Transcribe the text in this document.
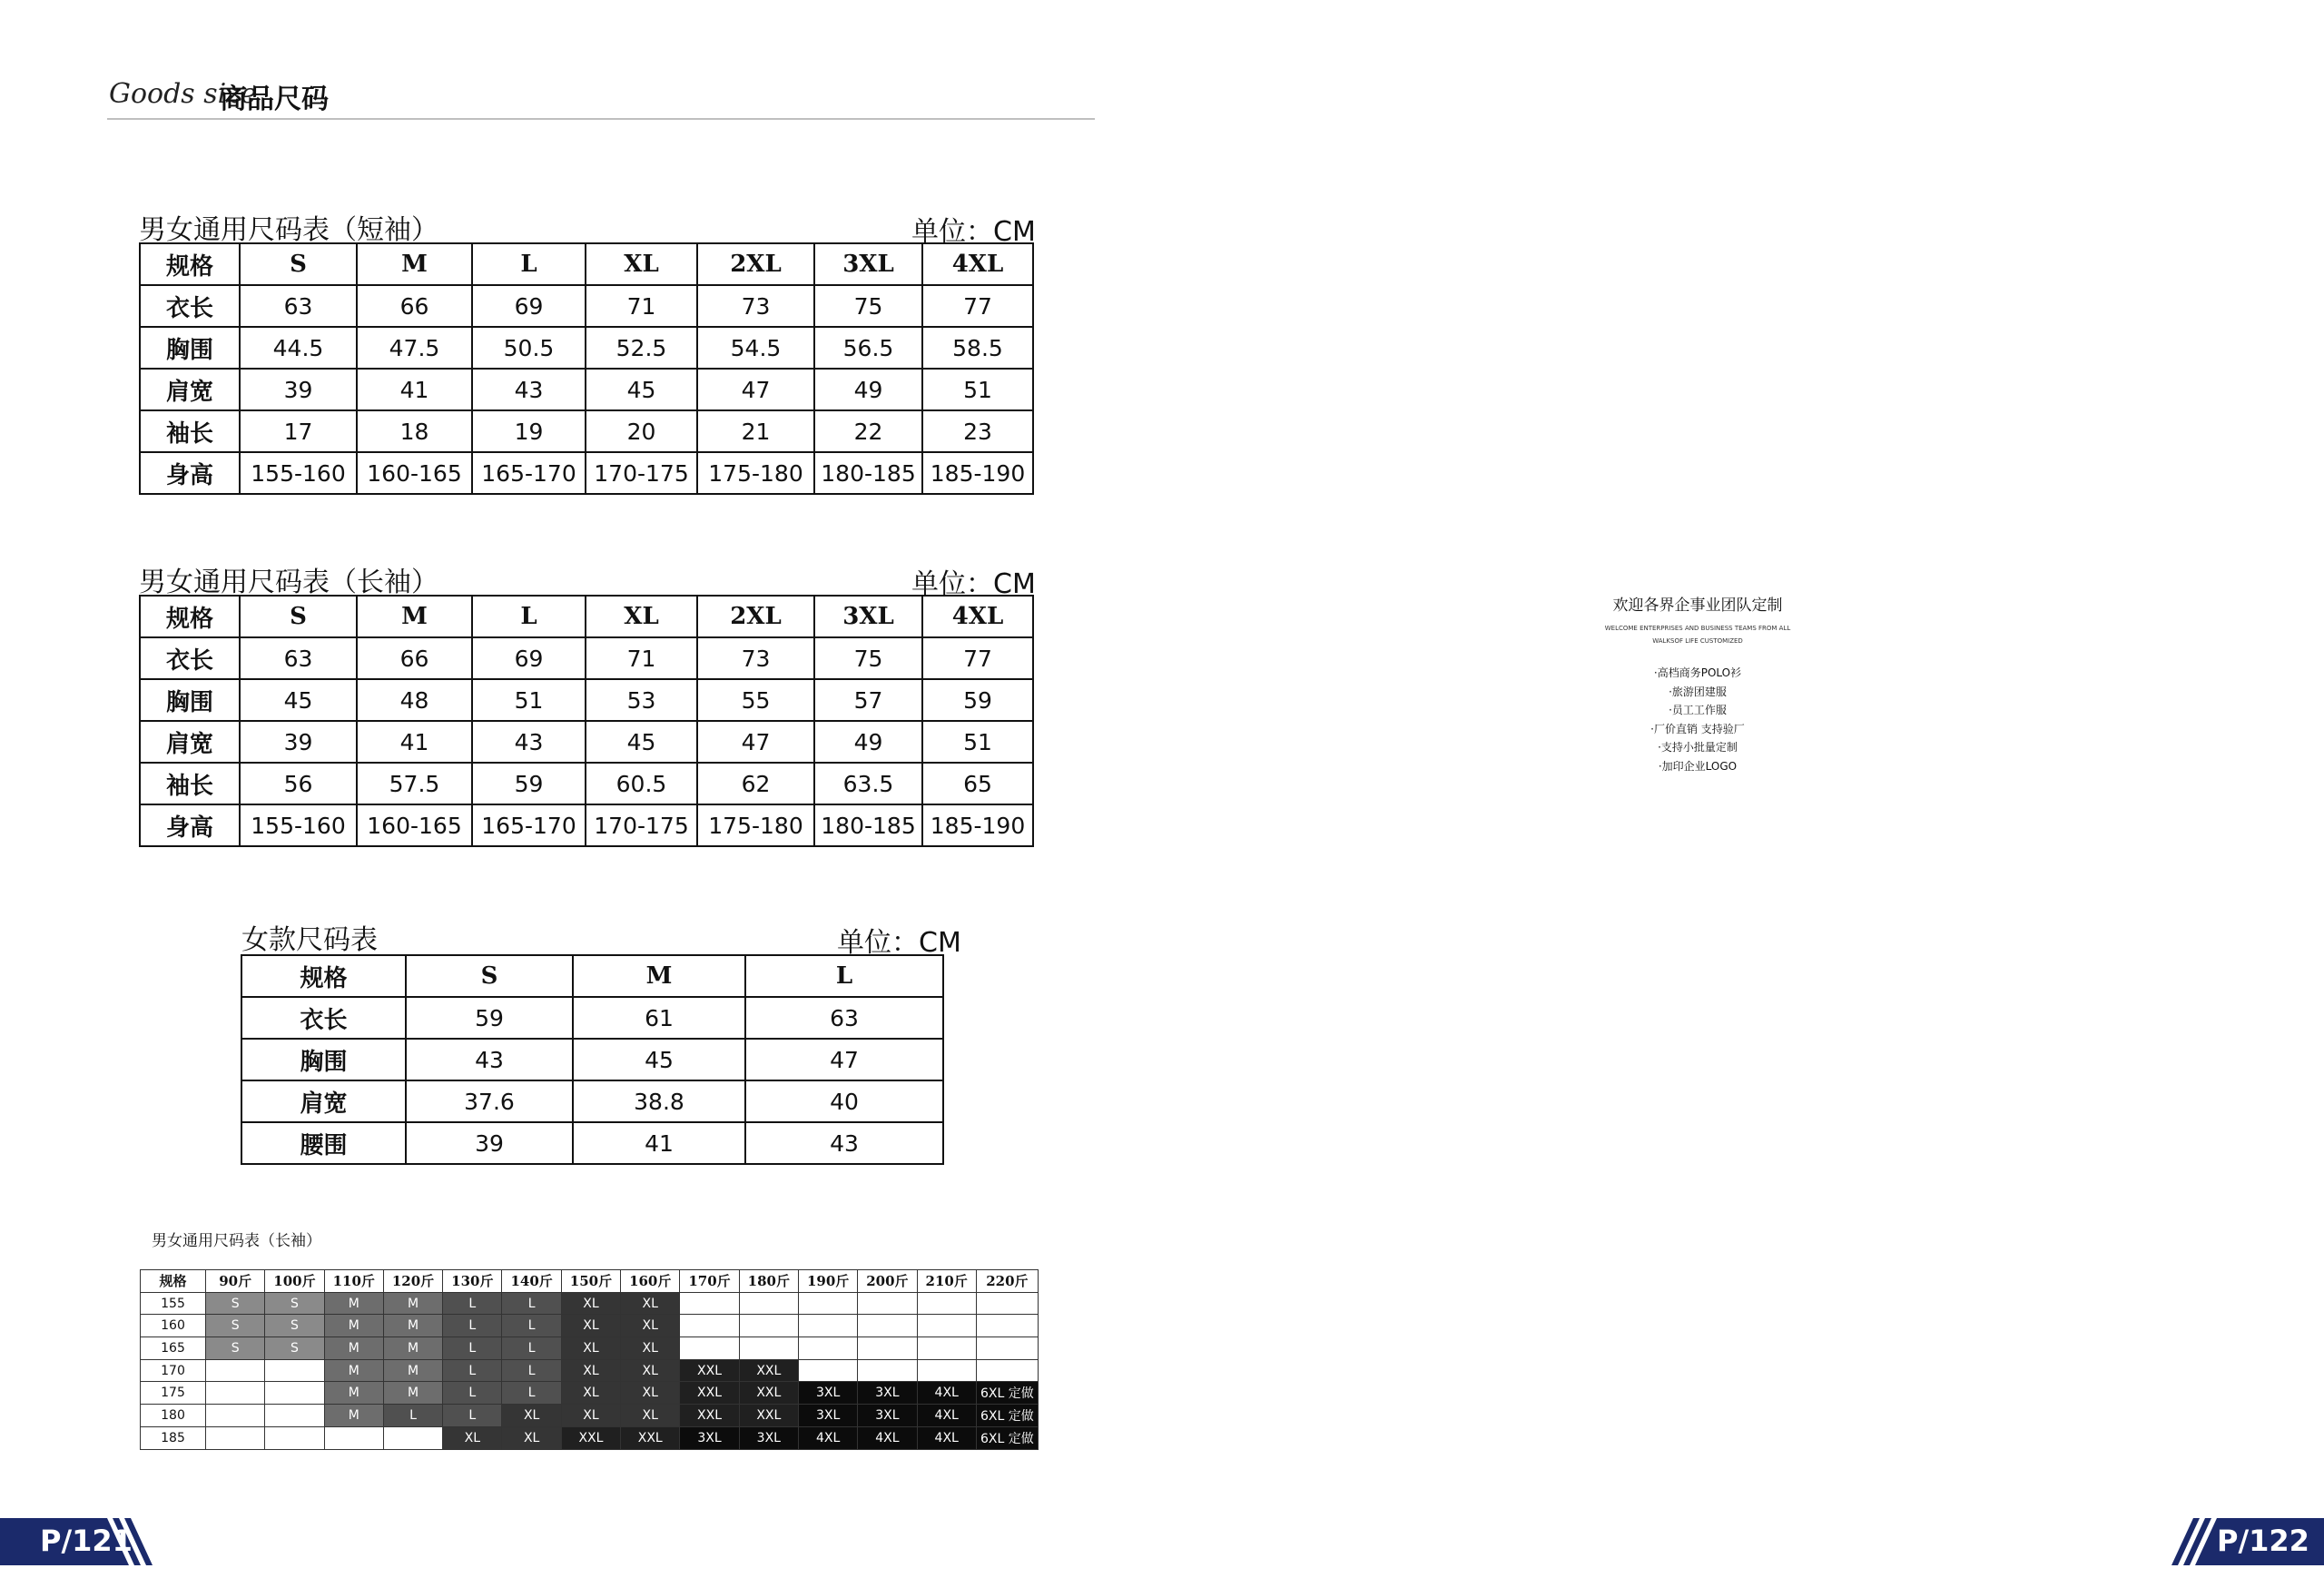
Goods size
商品尺码
男女通用尺码表（短袖）	单位：CM
规格	S	M	L	XL	2XL	3XL	4XL
衣长	63	66	69	71	73	75	77
胸围	44.5	47.5	50.5	52.5	54.5	56.5	58.5
肩宽	39	41	43	45	47	49	51
袖长	17	18	19	20	21	22	23
身高	155-160	160-165	165-170	170-175	175-180	180-185	185-190
男女通用尺码表（长袖）	单位：CM
规格	S	M	L	XL	2XL	3XL	4XL
衣长	63	66	69	71	73	75	77
胸围	45	48	51	53	55	57	59
肩宽	39	41	43	45	47	49	51
袖长	56	57.5	59	60.5	62	63.5	65
身高	155-160	160-165	165-170	170-175	175-180	180-185	185-190
女款尺码表	单位：CM
规格	S	M	L
衣长	59	61	63
胸围	43	45	47
肩宽	37.6	38.8	40
腰围	39	41	43
男女通用尺码表（长袖）
规格	90斤	100斤	110斤	120斤	130斤	140斤	150斤	160斤	170斤	180斤	190斤	200斤	210斤	220斤
155	S	S	M	M	L	L	XL	XL						
160	S	S	M	M	L	L	XL	XL						
165	S	S	M	M	L	L	XL	XL						
170			M	M	L	L	XL	XL	XXL	XXL				
175			M	M	L	L	XL	XL	XXL	XXL	3XL	3XL	4XL	6XL 定做
180			M	L	L	XL	XL	XL	XXL	XXL	3XL	3XL	4XL	6XL 定做
185					XL	XL	XXL	XXL	3XL	3XL	4XL	4XL	4XL	6XL 定做
欢迎各界企事业团队定制
WELCOME ENTERPRISES AND BUSINESS TEAMS FROM ALL
WALKSOF LIFE CUSTOMIZED
·高档商务POLO衫
·旅游团建服
·员工工作服
·厂价直销 支持验厂
·支持小批量定制
·加印企业LOGO
P/121	P/122
